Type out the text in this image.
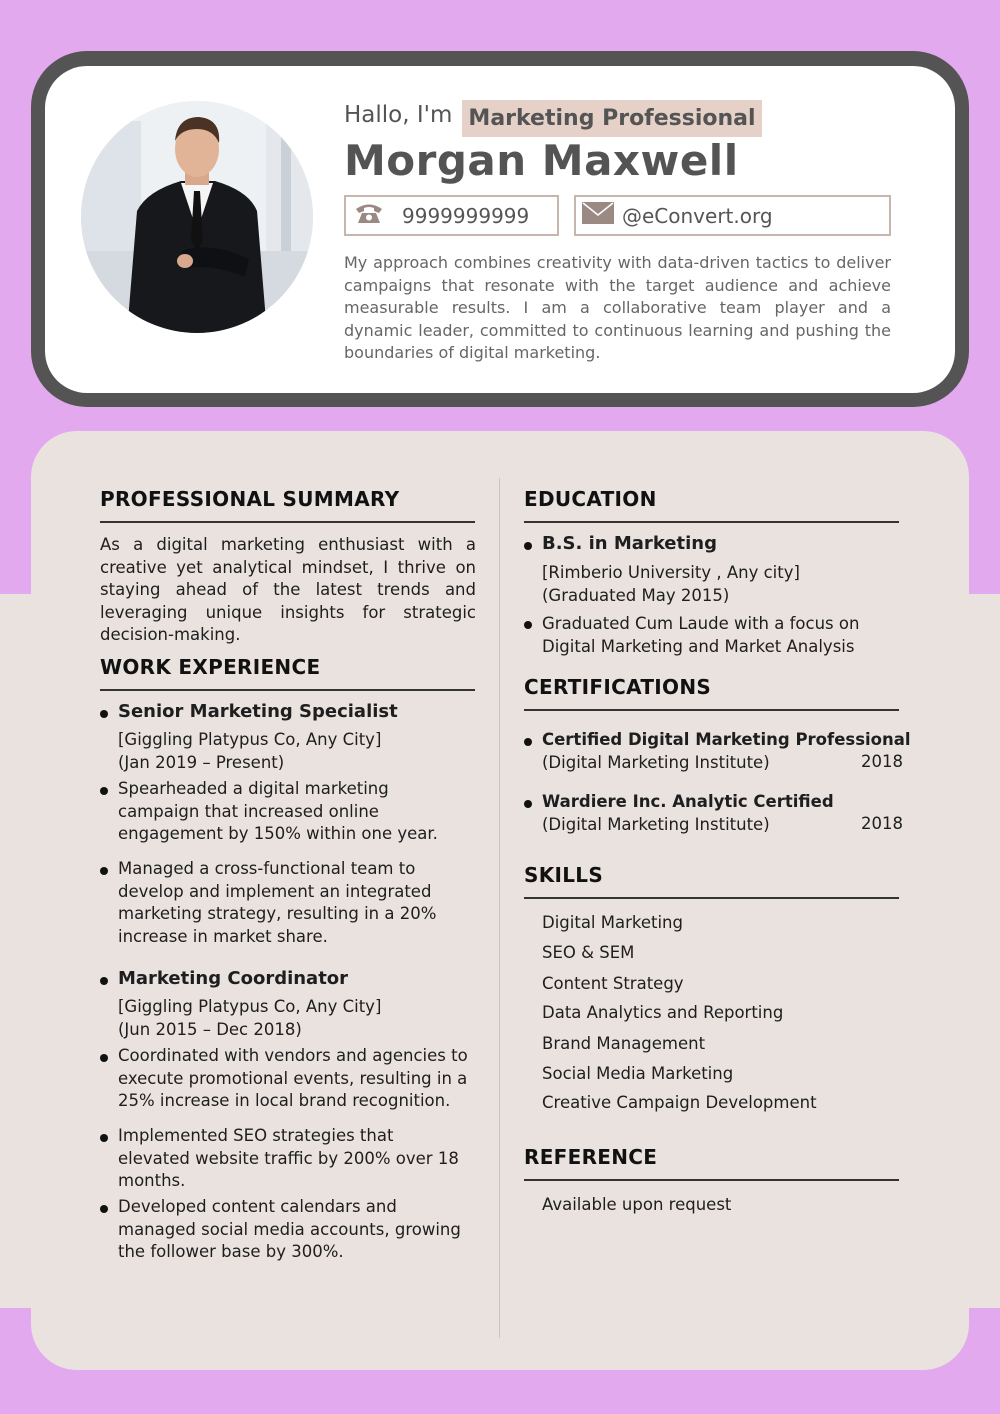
Hallo, I'm Marketing Professional
Morgan Maxwell
9999999999	@eConvert.org
My approach combines creativity with data-driven tactics to deliver campaigns that resonate with the target audience and achieve measurable results. I am a collaborative team player and a dynamic leader, committed to continuous learning and pushing the boundaries of digital marketing.
PROFESSIONAL SUMMARY
As a digital marketing enthusiast with a creative yet analytical mindset, I thrive on staying ahead of the latest trends and leveraging unique insights for strategic decision-making.
WORK EXPERIENCE
Senior Marketing Specialist
[Giggling Platypus Co, Any City] (Jan 2019 – Present)
Spearheaded a digital marketing campaign that increased online engagement by 150% within one year.
Managed a cross-functional team to develop and implement an integrated marketing strategy, resulting in a 20% increase in market share.
Marketing Coordinator
[Giggling Platypus Co, Any City] (Jun 2015 – Dec 2018)
Coordinated with vendors and agencies to execute promotional events, resulting in a 25% increase in local brand recognition.
Implemented SEO strategies that elevated website traffic by 200% over 18 months.
Developed content calendars and managed social media accounts, growing the follower base by 300%.
EDUCATION
B.S. in Marketing
[Rimberio University , Any city] (Graduated May 2015)
Graduated Cum Laude with a focus on Digital Marketing and Market Analysis
CERTIFICATIONS
Certified Digital Marketing Professional
(Digital Marketing Institute)	2018
Wardiere Inc. Analytic Certified
(Digital Marketing Institute)	2018
SKILLS
Digital Marketing
SEO & SEM
Content Strategy
Data Analytics and Reporting
Brand Management
Social Media Marketing
Creative Campaign Development
REFERENCE
Available upon request
